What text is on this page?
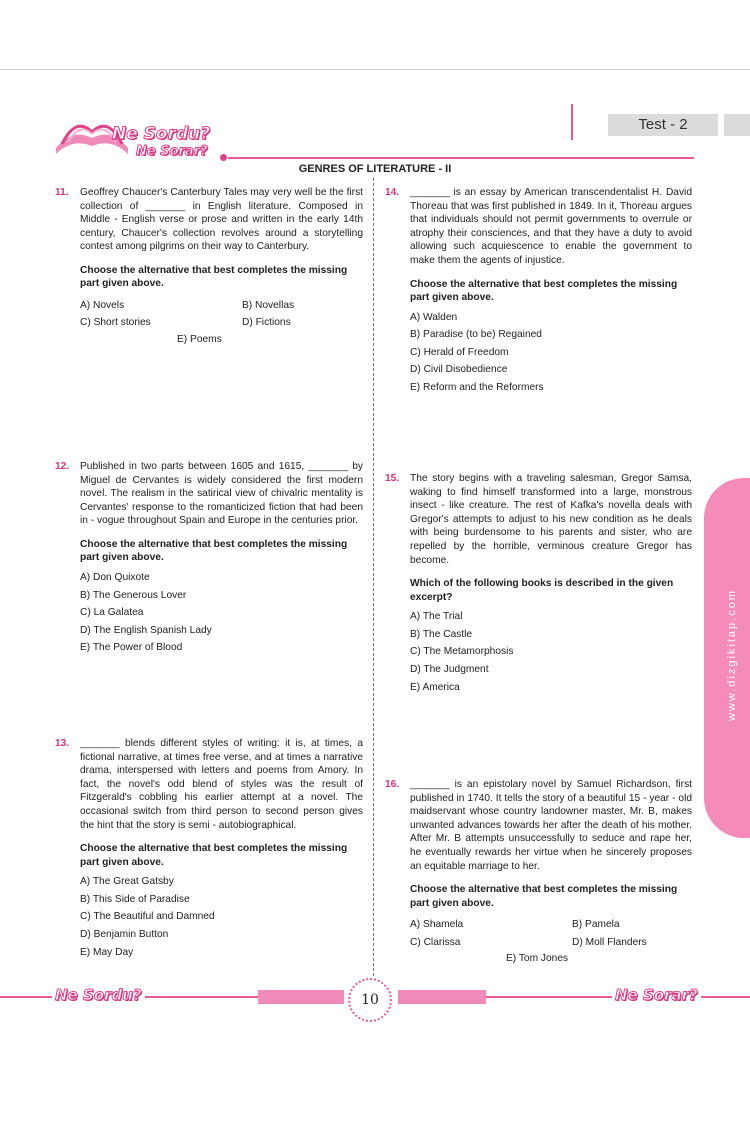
Ne Sordu?
Ne Sorar?
Test - 2
GENRES OF LITERATURE - II
11. Geoffrey Chaucer's Canterbury Tales may very well be the first collection of _______ in English literature. Composed in Middle - English verse or prose and written in the early 14th century, Chaucer's collection revolves around a storytelling contest among pilgrims on their way to Canterbury.
Choose the alternative that best completes the missing part given above.
A) Novels	B) Novellas
C) Short stories	D) Fictions
E) Poems
12. Published in two parts between 1605 and 1615, _______ by Miguel de Cervantes is widely considered the first modern novel. The realism in the satirical view of chivalric mentality is Cervantes' response to the romanticized fiction that had been in - vogue throughout Spain and Europe in the centuries prior.
Choose the alternative that best completes the missing part given above.
A) Don Quixote
B) The Generous Lover
C) La Galatea
D) The English Spanish Lady
E) The Power of Blood
13. _______ blends different styles of writing: it is, at times, a fictional narrative, at times free verse, and at times a narrative drama, interspersed with letters and poems from Amory. In fact, the novel's odd blend of styles was the result of Fitzgerald's cobbling his earlier attempt at a novel. The occasional switch from third person to second person gives the hint that the story is semi - autobiographical.
Choose the alternative that best completes the missing part given above.
A) The Great Gatsby
B) This Side of Paradise
C) The Beautiful and Damned
D) Benjamin Button
E) May Day
14. _______ is an essay by American transcendentalist H. David Thoreau that was first published in 1849. In it, Thoreau argues that individuals should not permit governments to overrule or atrophy their consciences, and that they have a duty to avoid allowing such acquiescence to enable the government to make them the agents of injustice.
Choose the alternative that best completes the missing part given above.
A) Walden
B) Paradise (to be) Regained
C) Herald of Freedom
D) Civil Disobedience
E) Reform and the Reformers
15. The story begins with a traveling salesman, Gregor Samsa, waking to find himself transformed into a large, monstrous insect - like creature. The rest of Kafka's novella deals with Gregor's attempts to adjust to his new condition as he deals with being burdensome to his parents and sister, who are repelled by the horrible, verminous creature Gregor has become.
Which of the following books is described in the given excerpt?
A) The Trial
B) The Castle
C) The Metamorphosis
D) The Judgment
E) America
16. _______ is an epistolary novel by Samuel Richardson, first published in 1740. It tells the story of a beautiful 15 - year - old maidservant whose country landowner master, Mr. B, makes unwanted advances towards her after the death of his mother. After Mr. B attempts unsuccessfully to seduce and rape her, he eventually rewards her virtue when he sincerely proposes an equitable marriage to her.
Choose the alternative that best completes the missing part given above.
A) Shamela	B) Pamela
C) Clarissa	D) Moll Flanders
E) Tom Jones
www.dizgikitap.com
10
Ne Sordu?	Ne Sorar?
